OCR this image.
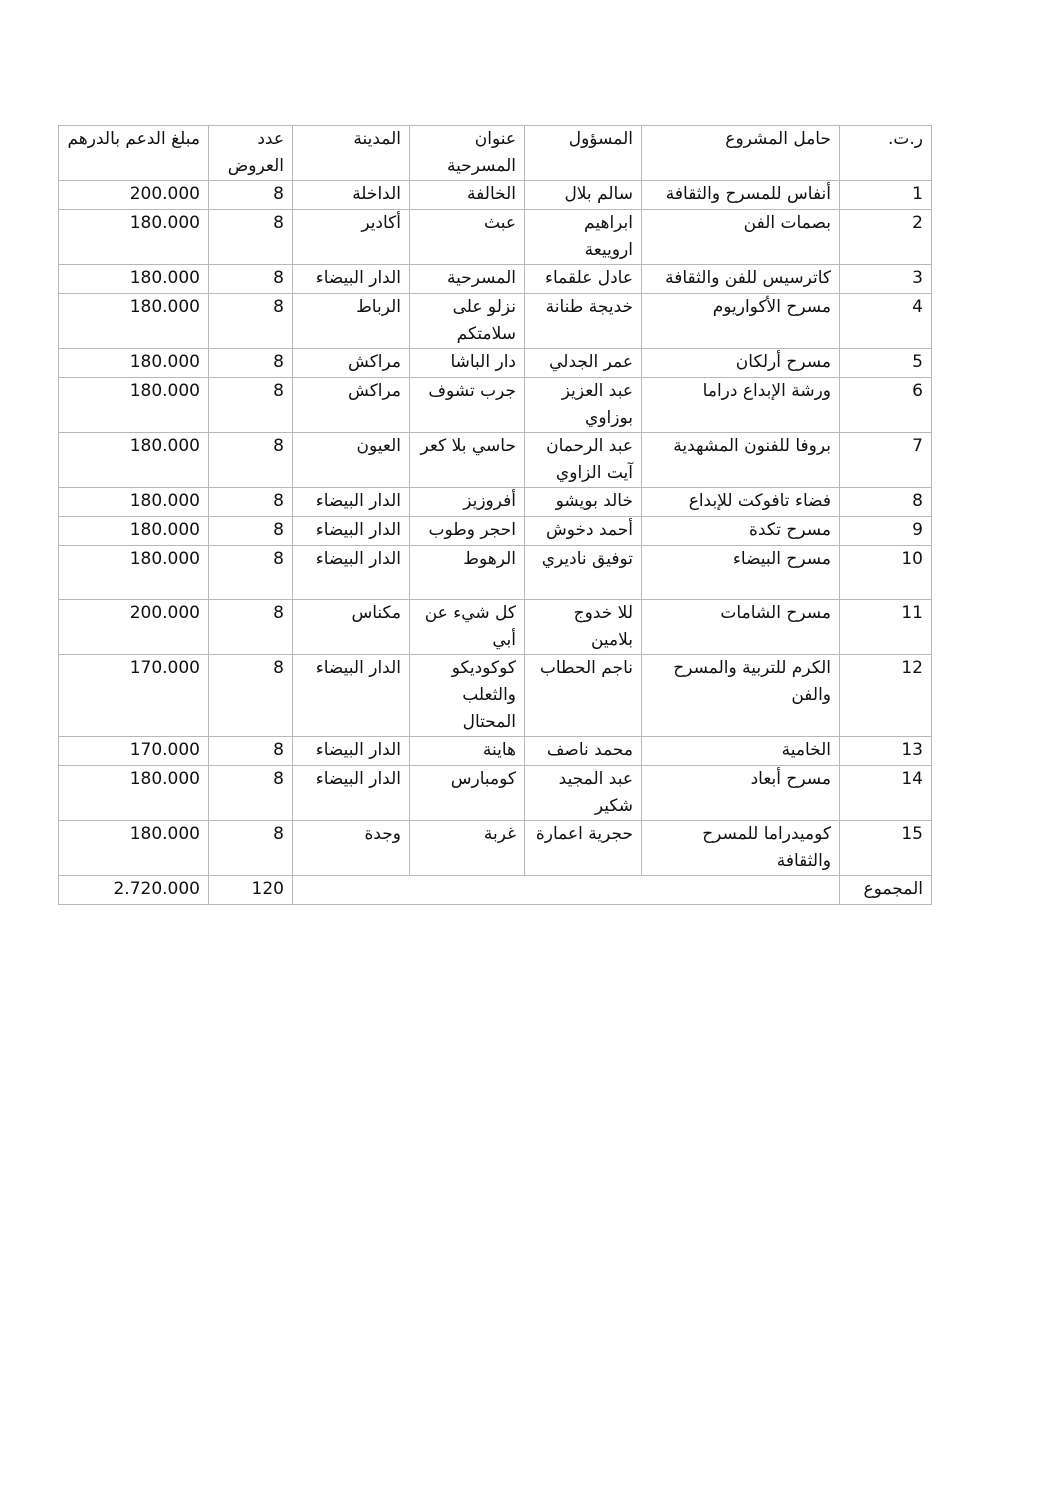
ر.ت.	حامل المشروع	المسؤول	عنوان المسرحية	المدينة	عدد العروض	مبلغ الدعم بالدرهم
1	أنفاس للمسرح والثقافة	سالم بلال	الخالفة	الداخلة	8	200.000
2	بصمات الفن	ابراهيم اروييعة	عبث	أكادير	8	180.000
3	كاترسيس للفن والثقافة	عادل علقماء	المسرحية	الدار البيضاء	8	180.000
4	مسرح الأكواريوم	خديجة طنانة	نزلو على سلامتكم	الرباط	8	180.000
5	مسرح أرلكان	عمر الجدلي	دار الباشا	مراكش	8	180.000
6	ورشة الإبداع دراما	عبد العزيز بوزاوي	جرب تشوف	مراكش	8	180.000
7	بروفا للفنون المشهدية	عبد الرحمان آيت الزاوي	حاسي بلا كعر	العيون	8	180.000
8	فضاء تافوكت للإبداع	خالد بويشو	أفروزيز	الدار البيضاء	8	180.000
9	مسرح تكدة	أحمد دخوش	احجر وطوب	الدار البيضاء	8	180.000
10	مسرح البيضاء	توفيق ناديري	الرهوط	الدار البيضاء	8	180.000
11	مسرح الشامات	للا خدوج بلامين	كل شيء عن أبي	مكناس	8	200.000
12	الكرم للتربية والمسرح والفن	ناجم الحطاب	كوكوديكو والثعلب المحتال	الدار البيضاء	8	170.000
13	الخامية	محمد ناصف	هاينة	الدار البيضاء	8	170.000
14	مسرح أبعاد	عبد المجيد شكير	كومبارس	الدار البيضاء	8	180.000
15	كوميدراما للمسرح والثقافة	حجرية اعمارة	غربة	وجدة	8	180.000
المجموع					120	2.720.000
